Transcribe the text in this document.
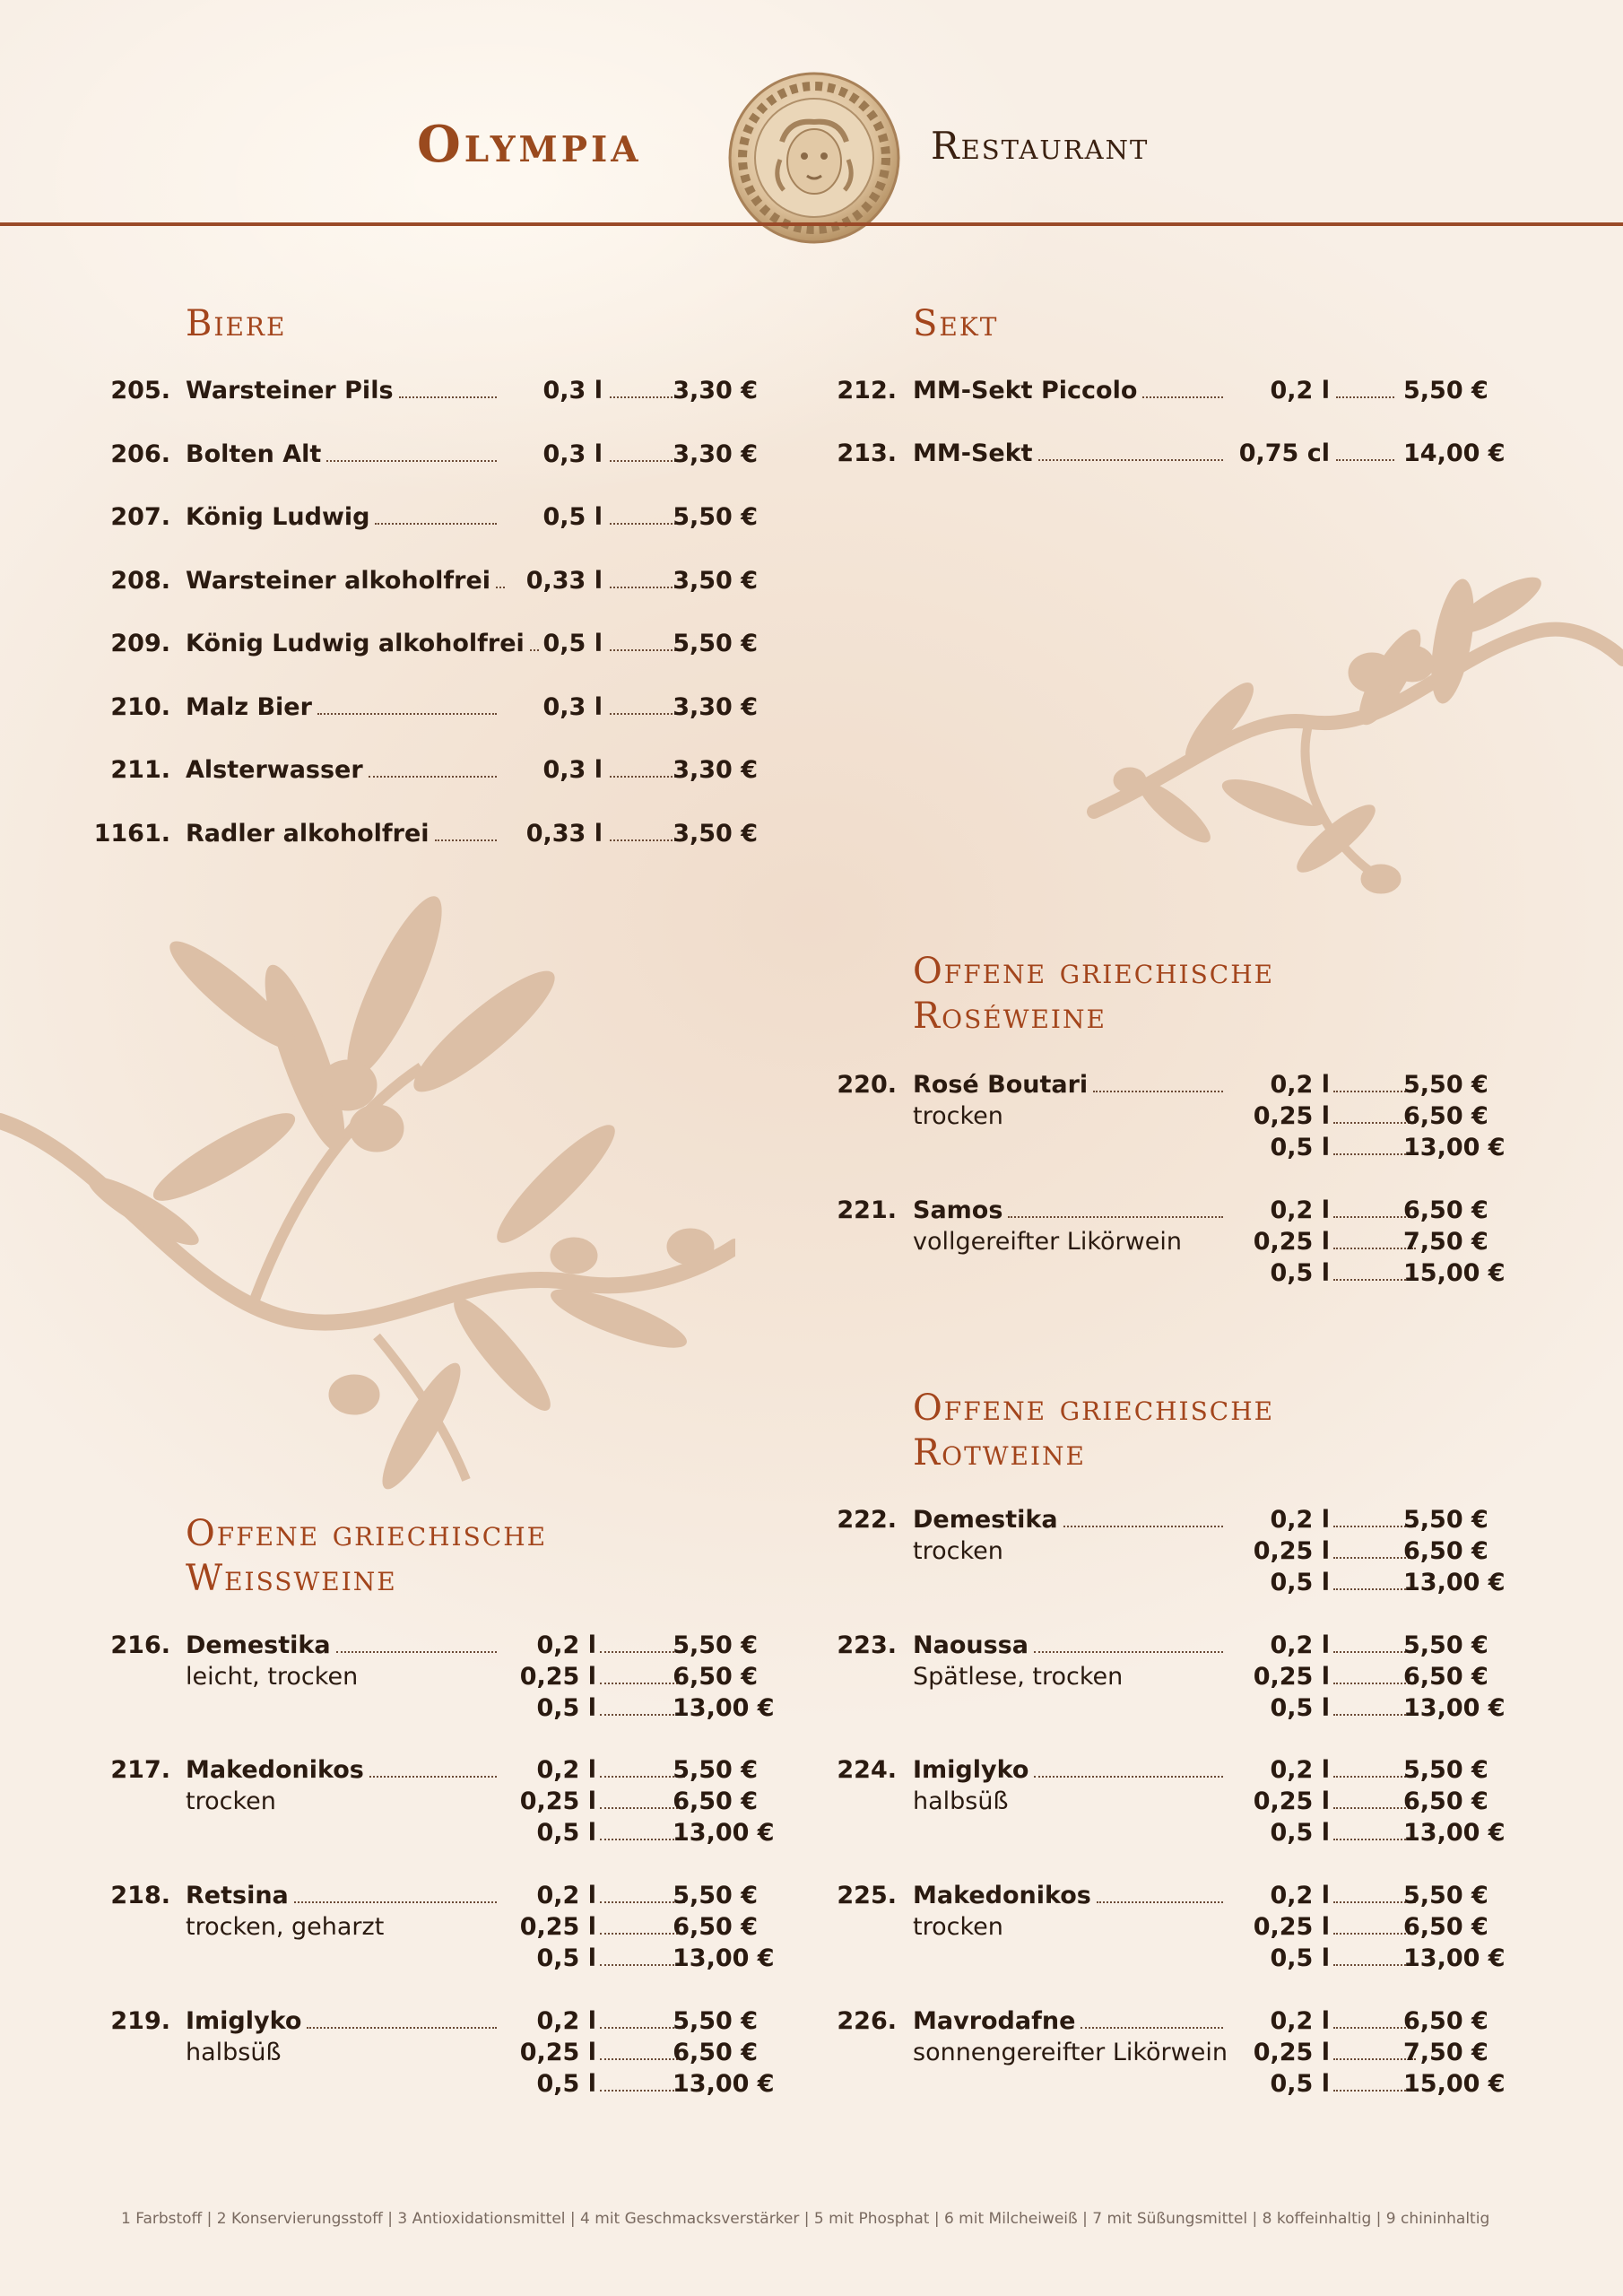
Olympia	Restaurant
Biere	Sekt
Offene griechische
Roséweine
Offene griechische
Rotweine
Offene griechische
Weissweine
205. Warsteiner Pils	0,3 l	3,30 €
206. Bolten Alt	0,3 l	3,30 €
207. König Ludwig	0,5 l	5,50 €
208. Warsteiner alkoholfrei	0,33 l	3,50 €
209. König Ludwig alkoholfrei 0,5 l	5,50 €
210. Malz Bier	0,3 l	3,30 €
211. Alsterwasser	0,3 l	3,30 €
1161. Radler alkoholfrei	0,33 l	3,50 €
212. MM-Sekt Piccolo	0,2 l	5,50 €
213. MM-Sekt	0,75 cl	14,00 €
220. Rosé Boutari	0,2 l	5,50 €
trocken	0,25 l	6,50 €
0,5 l	13,00 €
221. Samos	0,2 l	6,50 €
vollgereifter Likörwein	0,25 l	7,50 €
0,5 l	15,00 €
222. Demestika	0,2 l	5,50 €
trocken	0,25 l	6,50 €
0,5 l	13,00 €
223. Naoussa	0,2 l	5,50 €
Spätlese, trocken	0,25 l	6,50 €
0,5 l	13,00 €
224. Imiglyko	0,2 l	5,50 €
halbsüß	0,25 l	6,50 €
0,5 l	13,00 €
225. Makedonikos	0,2 l	5,50 €
trocken	0,25 l	6,50 €
0,5 l	13,00 €
226. Mavrodafne	0,2 l	6,50 €
sonnengereifter Likörwein	0,25 l	7,50 €
0,5 l	15,00 €
216. Demestika	0,2 l	5,50 €
leicht, trocken	0,25 l	6,50 €
0,5 l	13,00 €
217. Makedonikos	0,2 l	5,50 €
trocken	0,25 l	6,50 €
0,5 l	13,00 €
218. Retsina	0,2 l	5,50 €
trocken, geharzt	0,25 l	6,50 €
0,5 l	13,00 €
219. Imiglyko	0,2 l	5,50 €
halbsüß	0,25 l	6,50 €
0,5 l	13,00 €
1 Farbstoff | 2 Konservierungsstoff | 3 Antioxidationsmittel | 4 mit Geschmacksverstärker | 5 mit Phosphat | 6 mit Milcheiweiß | 7 mit Süßungsmittel | 8 koffeinhaltig | 9 chininhaltig
